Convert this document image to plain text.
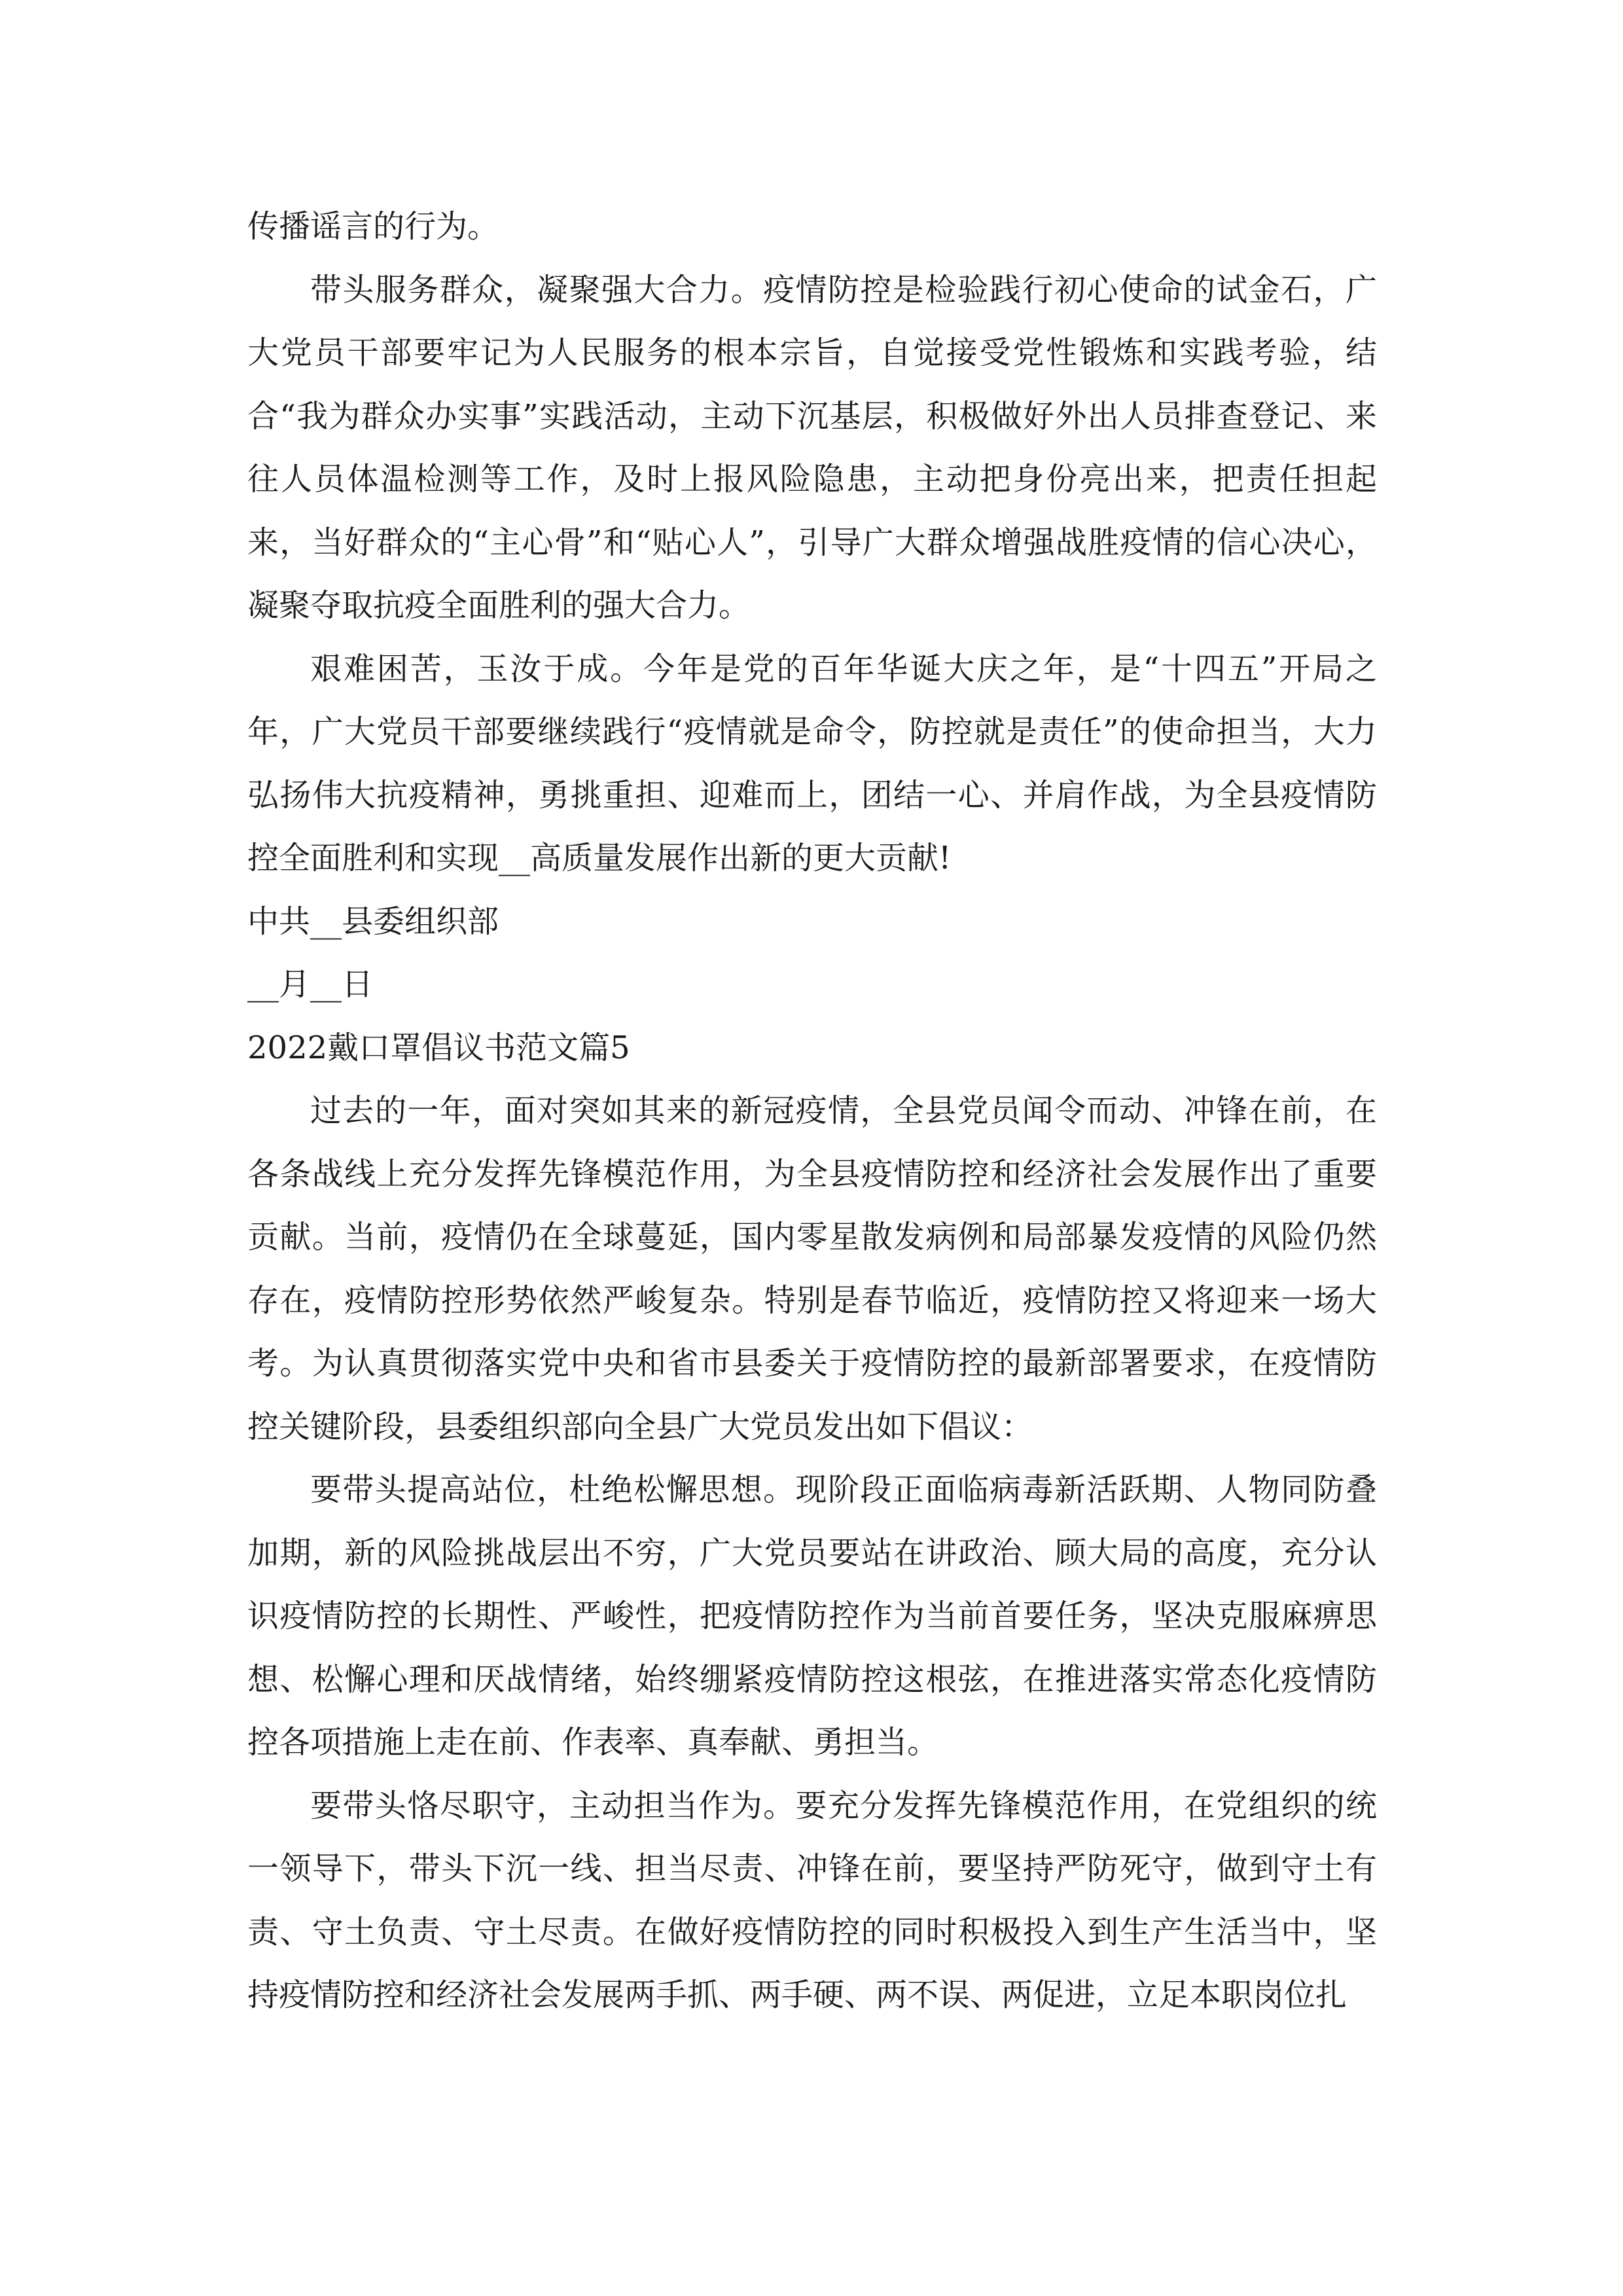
传播谣言的行为。

带头服务群众，凝聚强大合力。疫情防控是检验践行初心使命的试金石，广大党员干部要牢记为人民服务的根本宗旨，自觉接受党性锻炼和实践考验，结合“我为群众办实事”实践活动，主动下沉基层，积极做好外出人员排查登记、来往人员体温检测等工作，及时上报风险隐患，主动把身份亮出来，把责任担起来，当好群众的“主心骨”和“贴心人”，引导广大群众增强战胜疫情的信心决心，凝聚夺取抗疫全面胜利的强大合力。

艰难困苦，玉汝于成。今年是党的百年华诞大庆之年，是“十四五”开局之年，广大党员干部要继续践行“疫情就是命令，防控就是责任”的使命担当，大力弘扬伟大抗疫精神，勇挑重担、迎难而上，团结一心、并肩作战，为全县疫情防控全面胜利和实现__高质量发展作出新的更大贡献!

中共__县委组织部

__月__日

2022戴口罩倡议书范文篇5

过去的一年，面对突如其来的新冠疫情，全县党员闻令而动、冲锋在前，在各条战线上充分发挥先锋模范作用，为全县疫情防控和经济社会发展作出了重要贡献。当前，疫情仍在全球蔓延，国内零星散发病例和局部暴发疫情的风险仍然存在，疫情防控形势依然严峻复杂。特别是春节临近，疫情防控又将迎来一场大考。为认真贯彻落实党中央和省市县委关于疫情防控的最新部署要求，在疫情防控关键阶段，县委组织部向全县广大党员发出如下倡议：

要带头提高站位，杜绝松懈思想。现阶段正面临病毒新活跃期、人物同防叠加期，新的风险挑战层出不穷，广大党员要站在讲政治、顾大局的高度，充分认识疫情防控的长期性、严峻性，把疫情防控作为当前首要任务，坚决克服麻痹思想、松懈心理和厌战情绪，始终绷紧疫情防控这根弦，在推进落实常态化疫情防控各项措施上走在前、作表率、真奉献、勇担当。

要带头恪尽职守，主动担当作为。要充分发挥先锋模范作用，在党组织的统一领导下，带头下沉一线、担当尽责、冲锋在前，要坚持严防死守，做到守土有责、守土负责、守土尽责。在做好疫情防控的同时积极投入到生产生活当中，坚持疫情防控和经济社会发展两手抓、两手硬、两不误、两促进，立足本职岗位扎
